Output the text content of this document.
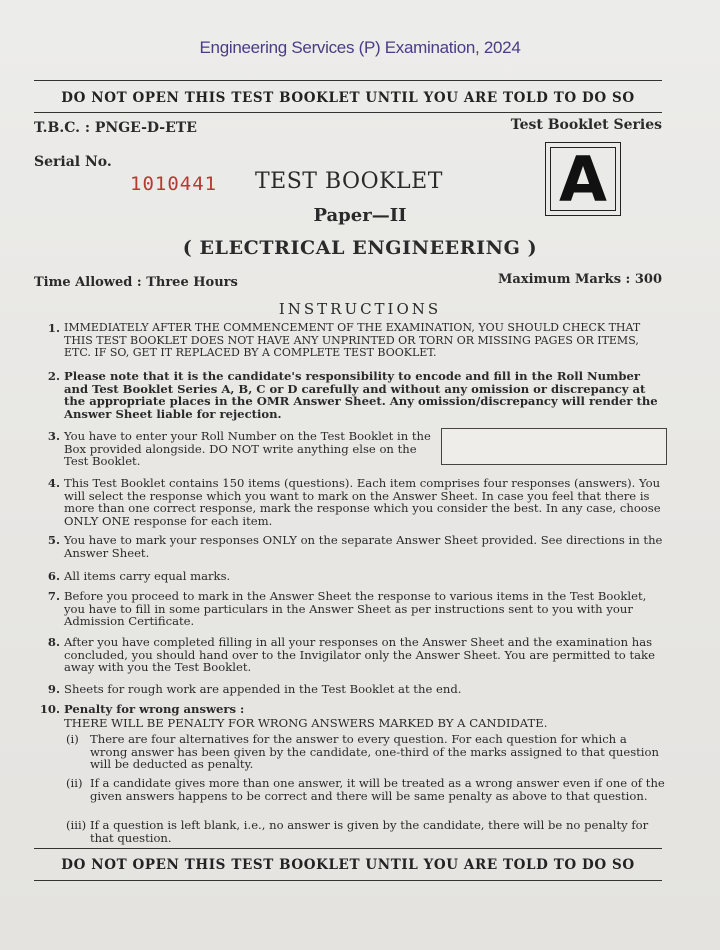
Engineering Services (P) Examination, 2024
DO NOT OPEN THIS TEST BOOKLET UNTIL YOU ARE TOLD TO DO SO
T.B.C. : PNGE-D-ETE	Test Booklet Series
Serial No.
1010441 TEST BOOKLET A
Paper—II
( ELECTRICAL ENGINEERING )
Time Allowed : Three Hours	Maximum Marks : 300
INSTRUCTIONS
1. IMMEDIATELY AFTER THE COMMENCEMENT OF THE EXAMINATION, YOU SHOULD CHECK THAT THIS TEST BOOKLET DOES NOT HAVE ANY UNPRINTED OR TORN OR MISSING PAGES OR ITEMS, ETC. IF SO, GET IT REPLACED BY A COMPLETE TEST BOOKLET.
2. Please note that it is the candidate's responsibility to encode and fill in the Roll Number and Test Booklet Series A, B, C or D carefully and without any omission or discrepancy at the appropriate places in the OMR Answer Sheet. Any omission/discrepancy will render the Answer Sheet liable for rejection.
3. You have to enter your Roll Number on the Test Booklet in the Box provided alongside. DO NOT write anything else on the Test Booklet.
4. This Test Booklet contains 150 items (questions). Each item comprises four responses (answers). You will select the response which you want to mark on the Answer Sheet. In case you feel that there is more than one correct response, mark the response which you consider the best. In any case, choose ONLY ONE response for each item.
5. You have to mark your responses ONLY on the separate Answer Sheet provided. See directions in the Answer Sheet.
6. All items carry equal marks.
7. Before you proceed to mark in the Answer Sheet the response to various items in the Test Booklet, you have to fill in some particulars in the Answer Sheet as per instructions sent to you with your Admission Certificate.
8. After you have completed filling in all your responses on the Answer Sheet and the examination has concluded, you should hand over to the Invigilator only the Answer Sheet. You are permitted to take away with you the Test Booklet.
9. Sheets for rough work are appended in the Test Booklet at the end.
10. Penalty for wrong answers :
THERE WILL BE PENALTY FOR WRONG ANSWERS MARKED BY A CANDIDATE.
(i) There are four alternatives for the answer to every question. For each question for which a wrong answer has been given by the candidate, one-third of the marks assigned to that question will be deducted as penalty.
(ii) If a candidate gives more than one answer, it will be treated as a wrong answer even if one of the given answers happens to be correct and there will be same penalty as above to that question.
(iii) If a question is left blank, i.e., no answer is given by the candidate, there will be no penalty for that question.
DO NOT OPEN THIS TEST BOOKLET UNTIL YOU ARE TOLD TO DO SO
